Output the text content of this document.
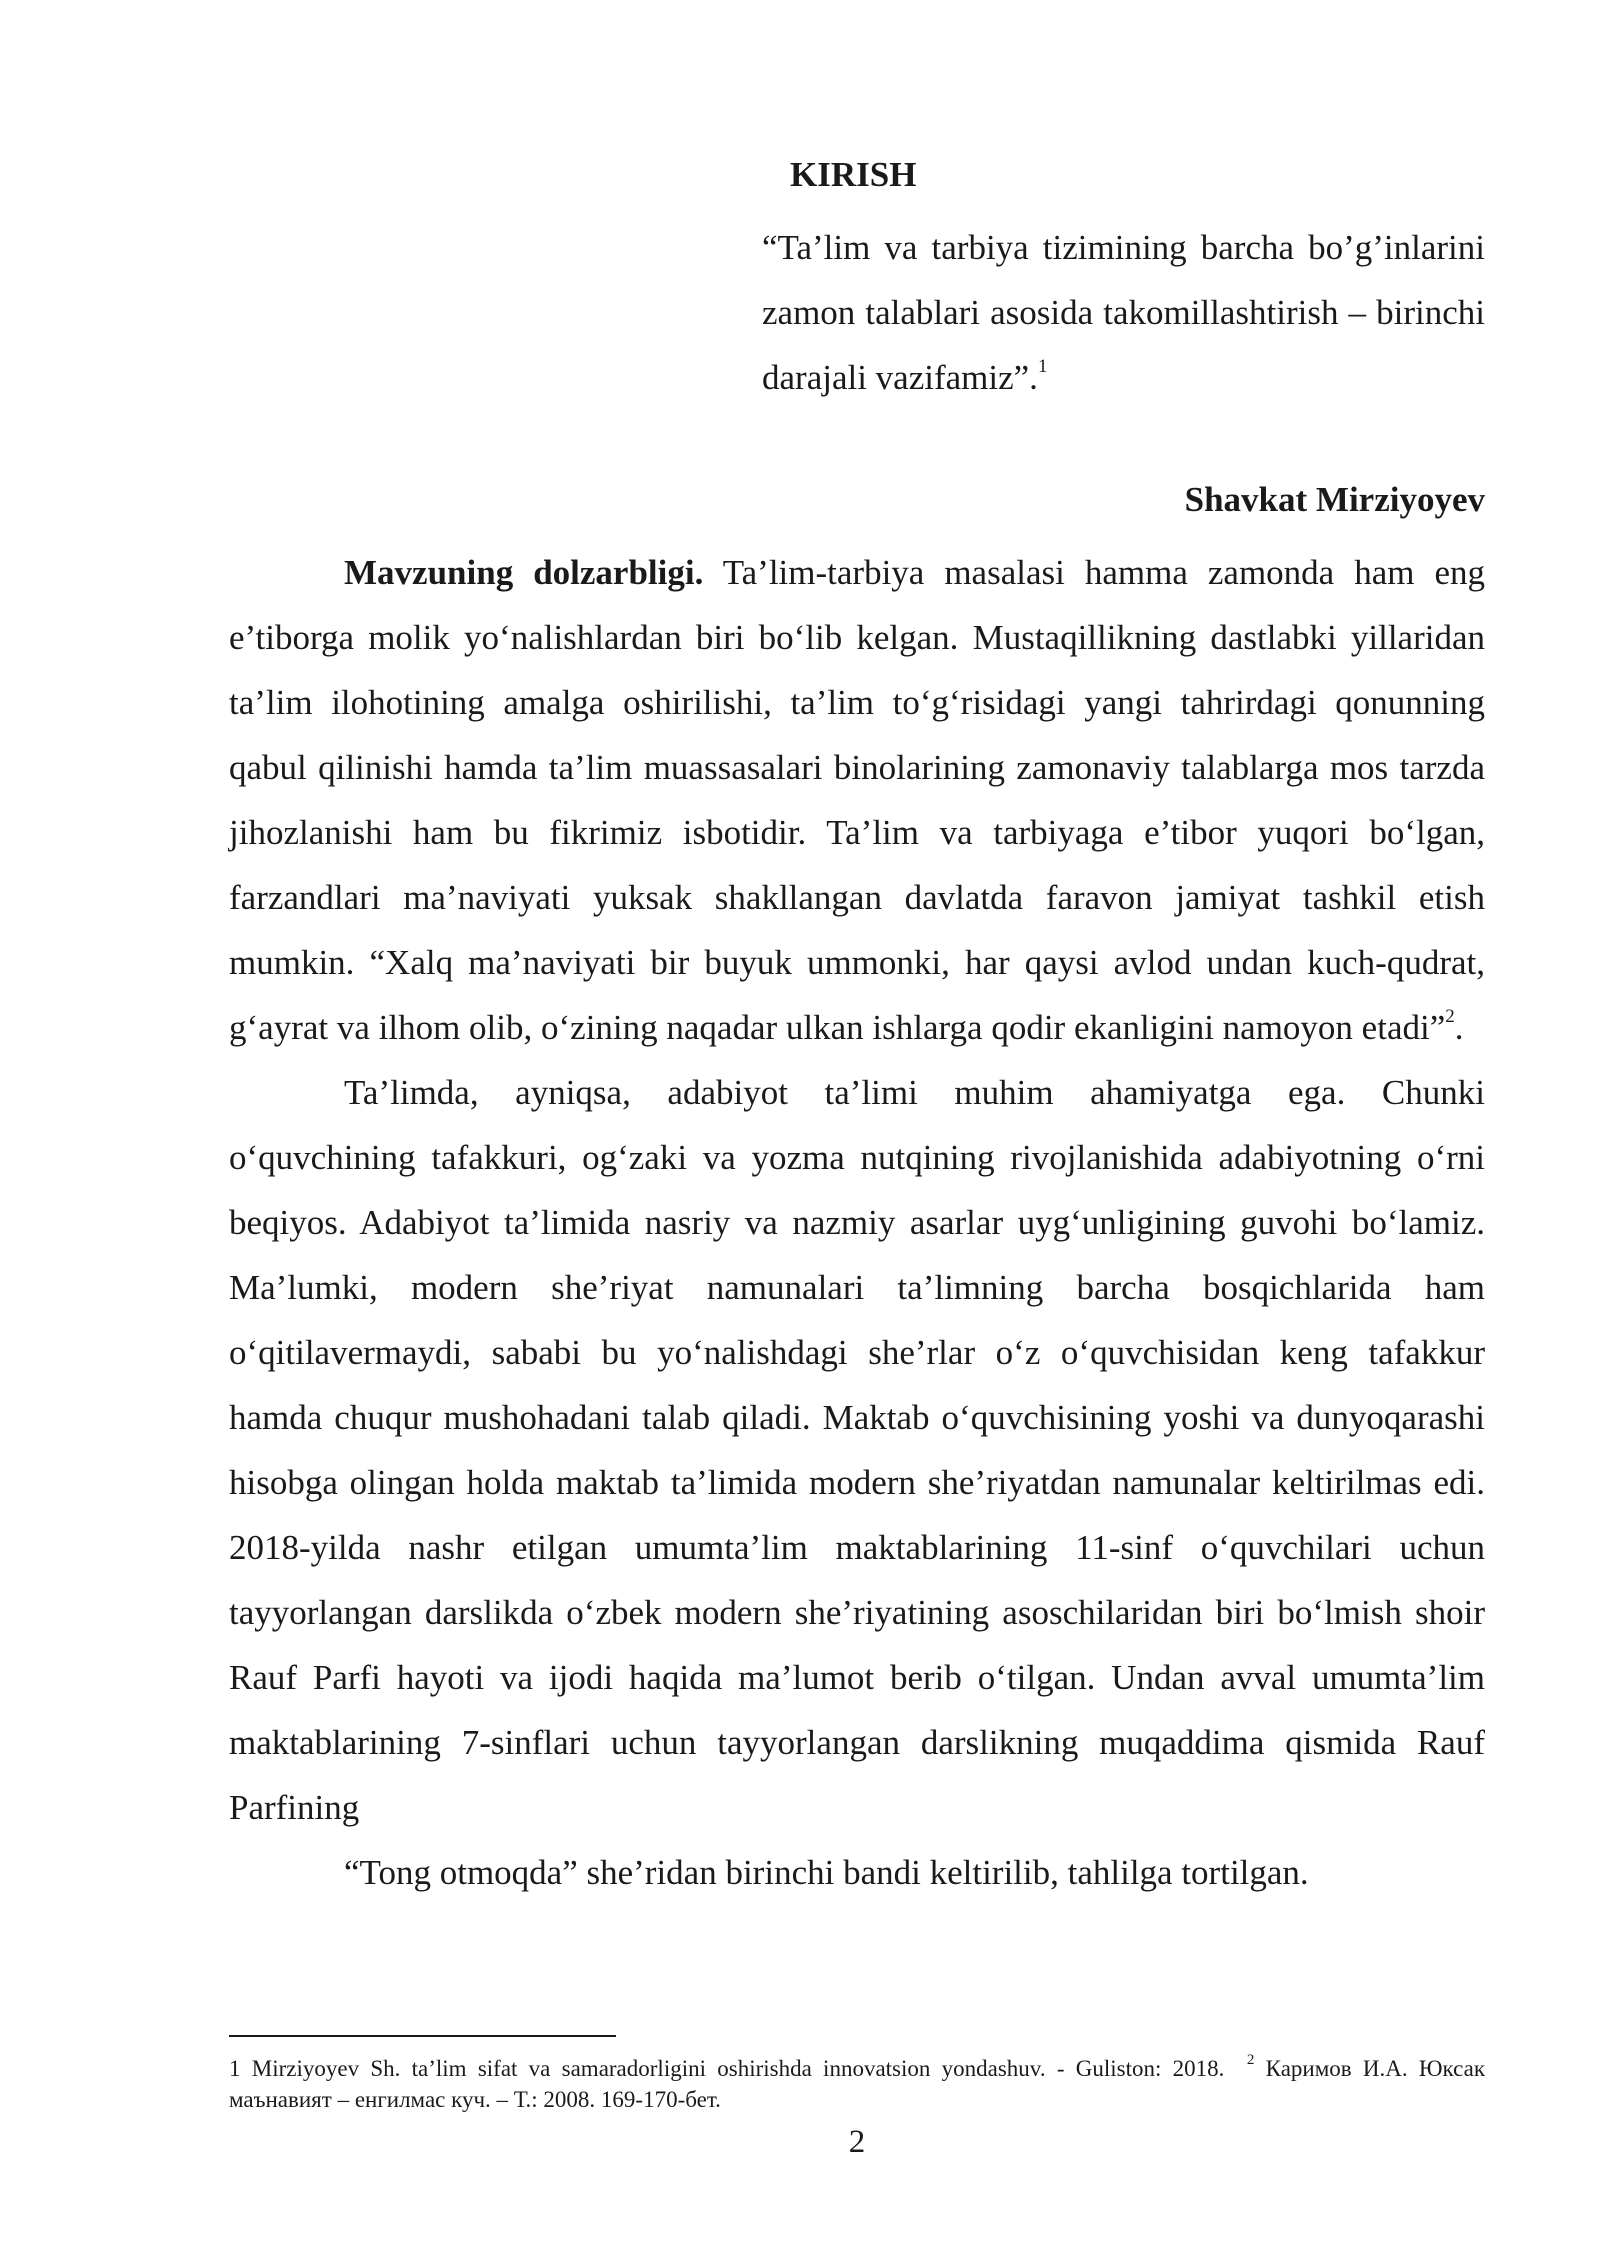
KIRISH

“Ta’lim va tarbiya tizimining barcha bo’g’inlarini zamon talablari asosida takomillashtirish – birinchi darajali vazifamiz”.$^1$

Shavkat Mirziyoyev

Mavzuning dolzarbligi. Ta’lim-tarbiya masalasi hamma zamonda ham eng e’tiborga molik yo‘nalishlardan biri bo‘lib kelgan. Mustaqillikning dastlabki yillaridan ta’lim ilohotining amalga oshirilishi, ta’lim to‘g‘risidagi yangi tahrirdagi qonunning qabul qilinishi hamda ta’lim muassasalari binolarining zamonaviy talablarga mos tarzda jihozlanishi ham bu fikrimiz isbotidir. Ta’lim va tarbiyaga e’tibor yuqori bo‘lgan, farzandlari ma’naviyati yuksak shakllangan davlatda faravon jamiyat tashkil etish mumkin. “Xalq ma’naviyati bir buyuk ummonki, har qaysi avlod undan kuch-qudrat, g‘ayrat va ilhom olib, o‘zining naqadar ulkan ishlarga qodir ekanligini namoyon etadi”$^2$.

Ta’limda, ayniqsa, adabiyot ta’limi muhim ahamiyatga ega. Chunki o‘quvchining tafakkuri, og‘zaki va yozma nutqining rivojlanishida adabiyotning o‘rni beqiyos. Adabiyot ta’limida nasriy va nazmiy asarlar uyg‘unligining guvohi bo‘lamiz. Ma’lumki, modern she’riyat namunalari ta’limning barcha bosqichlarida ham o‘qitilavermaydi, sababi bu yo‘nalishdagi she’rlar o‘z o‘quvchisidan keng tafakkur hamda chuqur mushohadani talab qiladi. Maktab o‘quvchisining yoshi va dunyoqarashi hisobga olingan holda maktab ta’limida modern she’riyatdan namunalar keltirilmas edi. 2018-yilda nashr etilgan umumta’lim maktablarining 11-sinf o‘quvchilari uchun tayyorlangan darslikda o‘zbek modern she’riyatining asoschilaridan biri bo‘lmish shoir Rauf Parfi hayoti va ijodi haqida ma’lumot berib o‘tilgan. Undan avval umumta’lim maktablarining 7-sinflari uchun tayyorlangan darslikning muqaddima qismida Rauf Parfining

“Tong otmoqda” she’ridan birinchi bandi keltirilib, tahlilga tortilgan.

1 Mirziyoyev Sh. ta’lim sifat va samaradorligini oshirishda innovatsion yondashuv. - Guliston: 2018. $^2$ Каримов И.А. Юксак маънавият – енгилмас куч. – Т.: 2008. 169-170-бет.

2
